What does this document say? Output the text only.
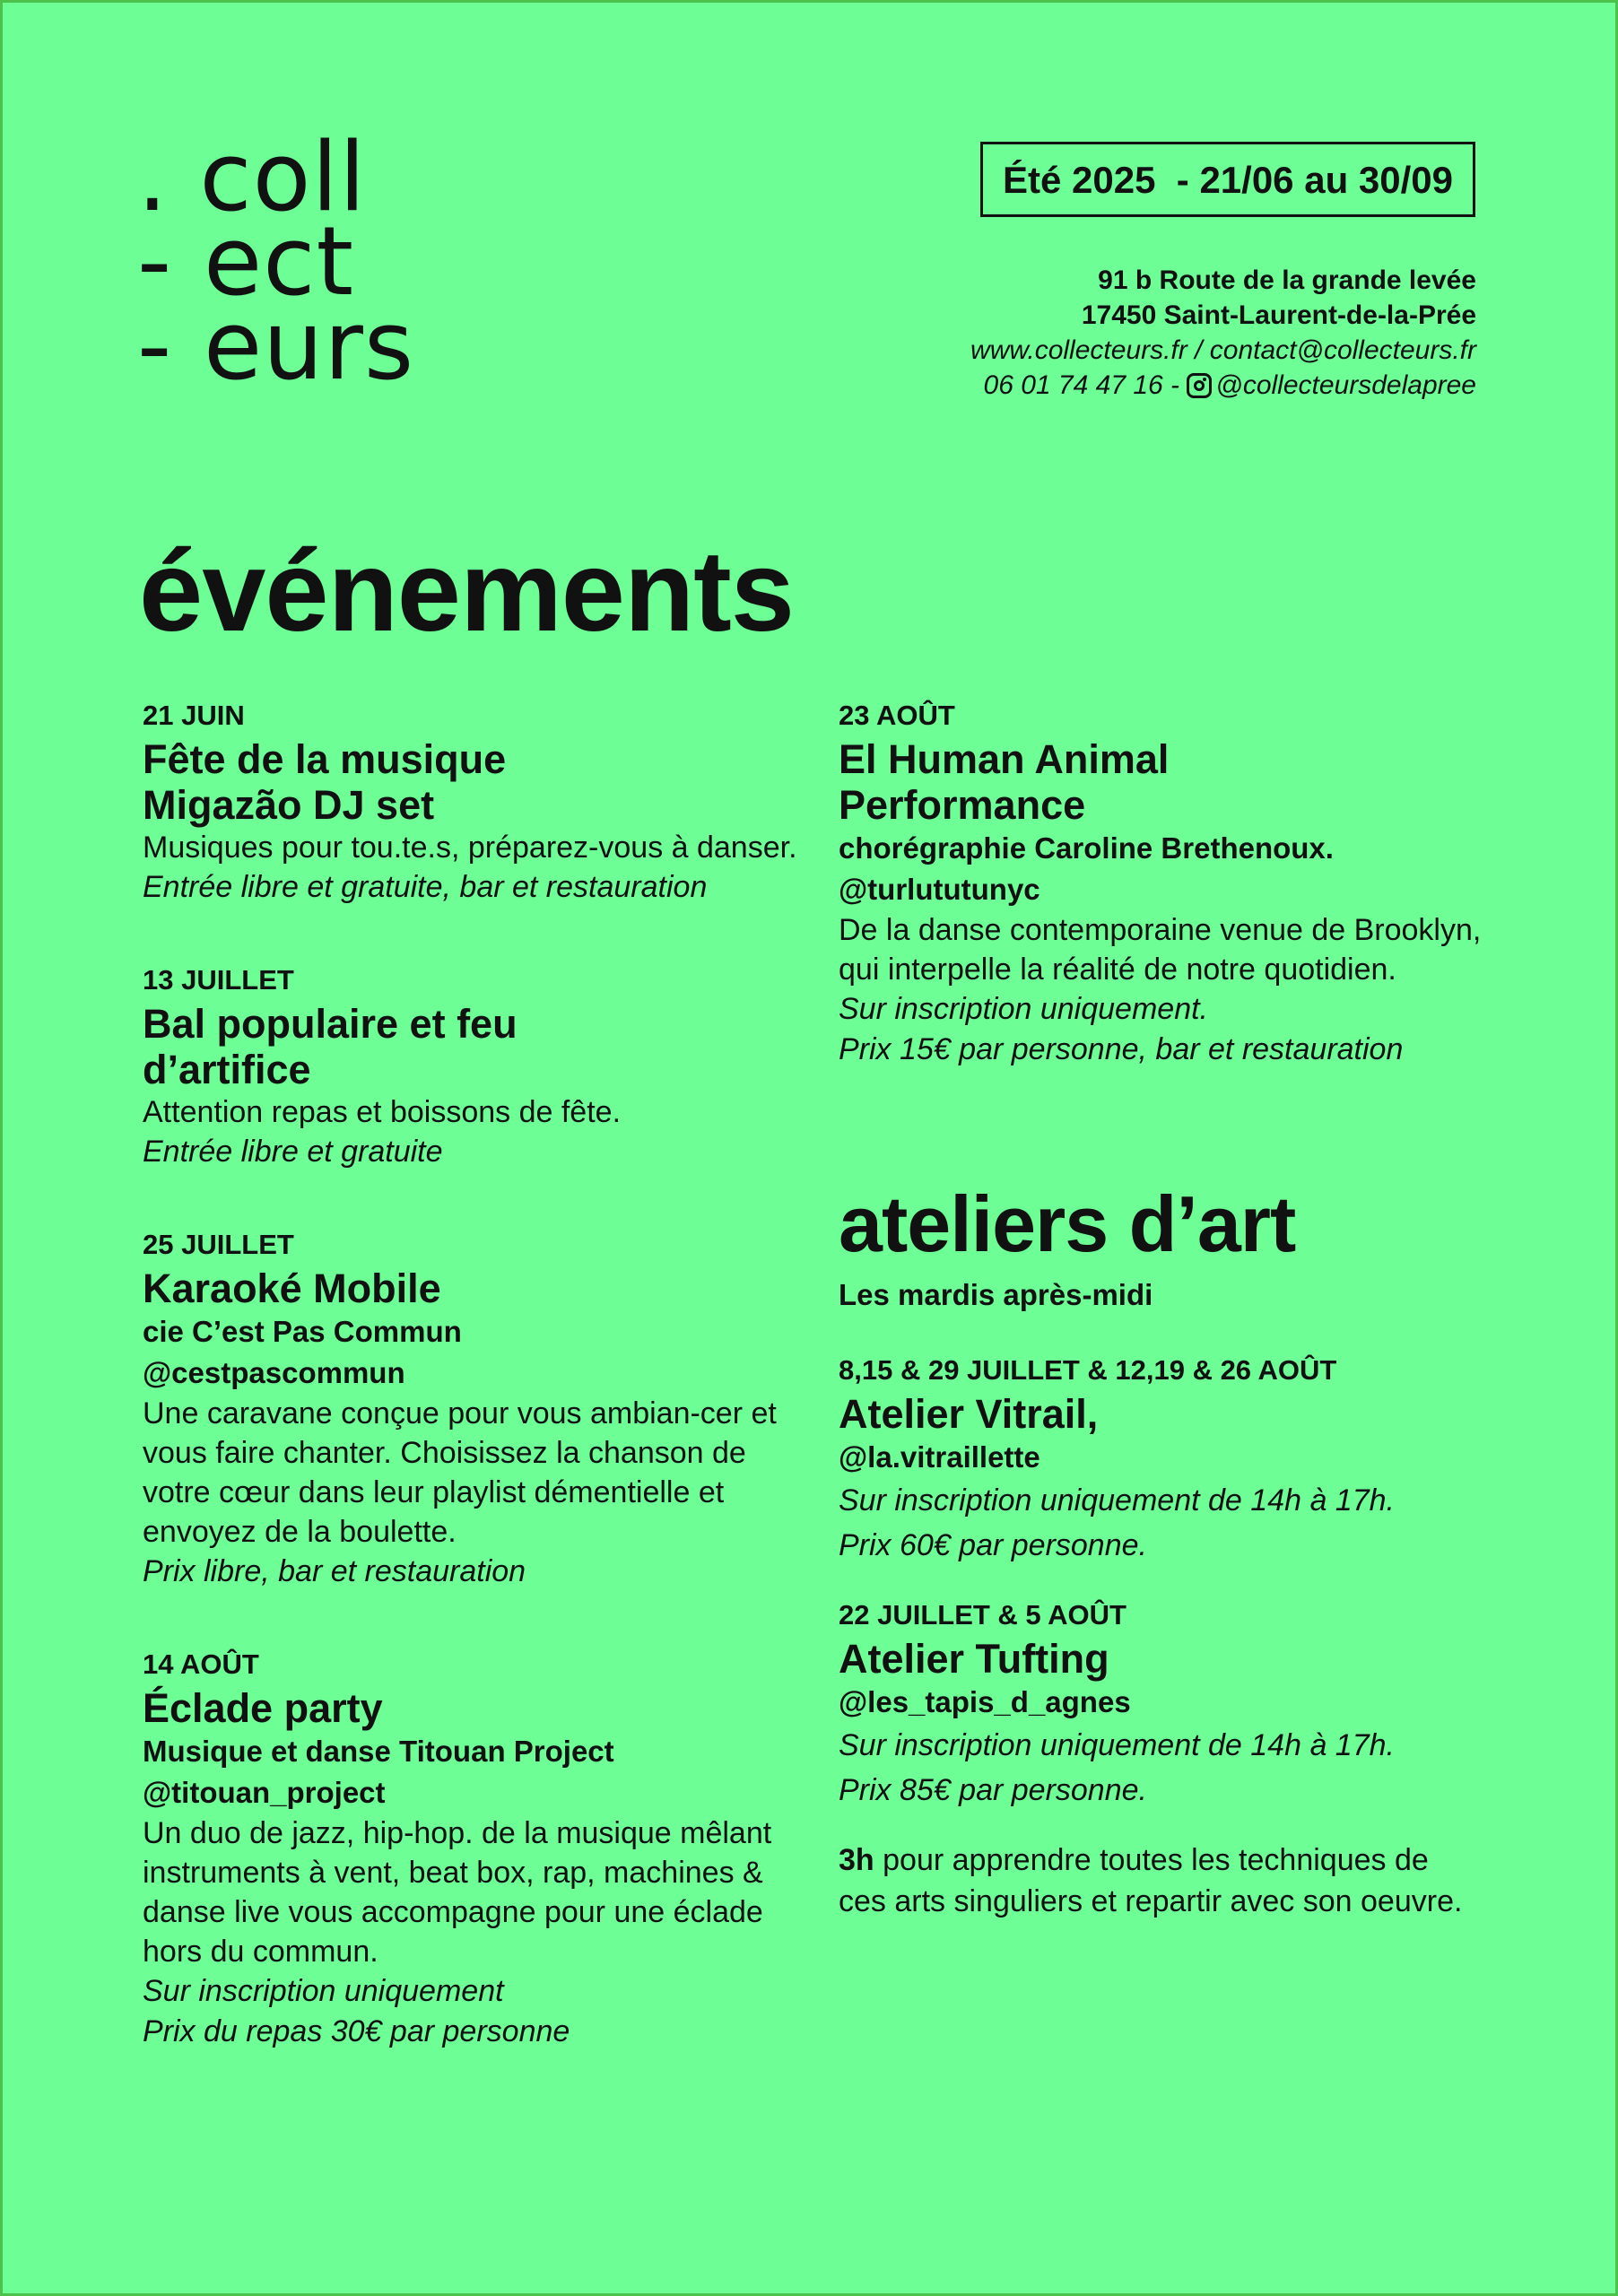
. coll
- ect
- eurs
Été 2025  - 21/06 au 30/09
91 b Route de la grande levée
17450 Saint-Laurent-de-la-Prée
www.collecteurs.fr / contact@collecteurs.fr
06 01 74 47 16 - @collecteursdelapree
événements
21 JUIN
Fête de la musique
Migazão DJ set
Musiques pour tou.te.s, préparez-vous à danser.
Entrée libre et gratuite, bar et restauration
13 JUILLET
Bal populaire et feu d’artifice
Attention repas et boissons de fête.
Entrée libre et gratuite
25 JUILLET
Karaoké Mobile
cie C’est Pas Commun
@cestpascommun
Une caravane conçue pour vous ambian-cer et vous faire chanter. Choisissez la chanson de votre cœur dans leur playlist démentielle et envoyez de la boulette.
Prix libre, bar et restauration
14 AOÛT
Éclade party
Musique et danse Titouan Project
@titouan_project
Un duo de jazz, hip-hop. de la musique mêlant instruments à vent, beat box, rap, machines & danse live vous accompagne pour une éclade hors du commun.
Sur inscription uniquement
Prix du repas 30€ par personne
23 AOÛT
El Human Animal Performance
chorégraphie Caroline Brethenoux.
@turlututunyc
De la danse contemporaine venue de Brooklyn, qui interpelle la réalité de notre quotidien.
Sur inscription uniquement.
Prix 15€ par personne, bar et restauration
ateliers d’art
Les mardis après-midi
8,15 & 29 JUILLET & 12,19 & 26 AOÛT
Atelier Vitrail,
@la.vitraillette
Sur inscription uniquement de 14h à 17h.
Prix 60€ par personne.
22 JUILLET & 5 AOÛT
Atelier Tufting
@les_tapis_d_agnes
Sur inscription uniquement de 14h à 17h.
Prix 85€ par personne.
3h pour apprendre toutes les techniques de ces arts singuliers et repartir avec son oeuvre.
